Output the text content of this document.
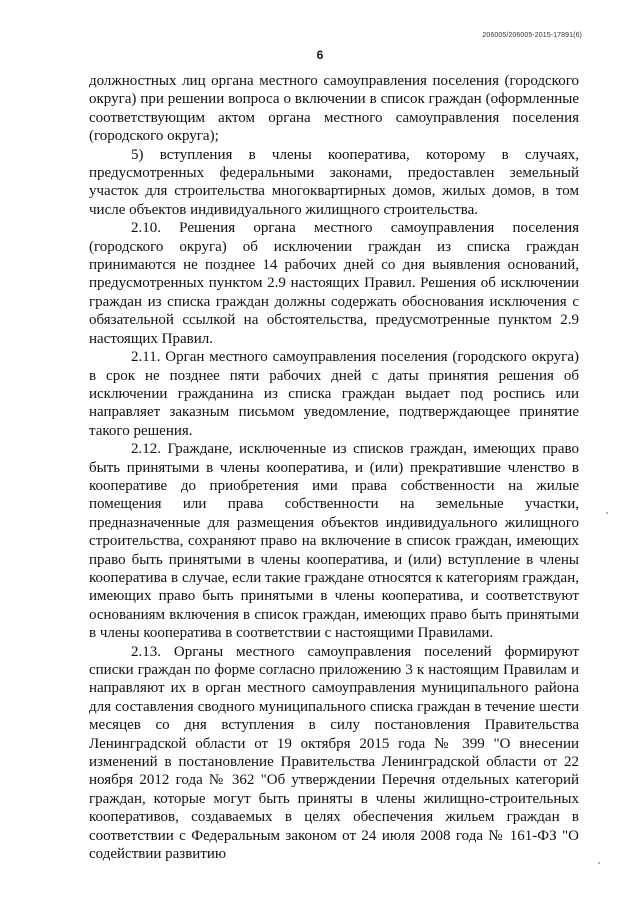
206005/206005-2015-17891(6)
6

должностных лиц органа местного самоуправления поселения (городского округа) при решении вопроса о включении в список граждан (оформленные соответствующим актом органа местного самоуправления поселения (городского округа);

5) вступления в члены кооператива, которому в случаях, предусмотренных федеральными законами, предоставлен земельный участок для строительства многоквартирных домов, жилых домов, в том числе объектов индивидуального жилищного строительства.

2.10. Решения органа местного самоуправления поселения (городского округа) об исключении граждан из списка граждан принимаются не позднее 14 рабочих дней со дня выявления оснований, предусмотренных пунктом 2.9 настоящих Правил. Решения об исключении граждан из списка граждан должны содержать обоснования исключения с обязательной ссылкой на обстоятельства, предусмотренные пунктом 2.9 настоящих Правил.

2.11. Орган местного самоуправления поселения (городского округа) в срок не позднее пяти рабочих дней с даты принятия решения об исключении гражданина из списка граждан выдает под роспись или направляет заказным письмом уведомление, подтверждающее принятие такого решения.

2.12. Граждане, исключенные из списков граждан, имеющих право быть принятыми в члены кооператива, и (или) прекратившие членство в кооперативе до приобретения ими права собственности на жилые помещения или права собственности на земельные участки, предназначенные для размещения объектов индивидуального жилищного строительства, сохраняют право на включение в список граждан, имеющих право быть принятыми в члены кооператива, и (или) вступление в члены кооператива в случае, если такие граждане относятся к категориям граждан, имеющих право быть принятыми в члены кооператива, и соответствуют основаниям включения в список граждан, имеющих право быть принятыми в члены кооператива в соответствии с настоящими Правилами.

2.13. Органы местного самоуправления поселений формируют списки граждан по форме согласно приложению 3 к настоящим Правилам и направляют их в орган местного самоуправления муниципального района для составления сводного муниципального списка граждан в течение шести месяцев со дня вступления в силу постановления Правительства Ленинградской области от 19 октября 2015 года № 399 "О внесении изменений в постановление Правительства Ленинградской области от 22 ноября 2012 года № 362 "Об утверждении Перечня отдельных категорий граждан, которые могут быть приняты в члены жилищно-строительных кооперативов, создаваемых в целях обеспечения жильем граждан в соответствии с Федеральным законом от 24 июля 2008 года № 161-ФЗ "О содействии развитию
